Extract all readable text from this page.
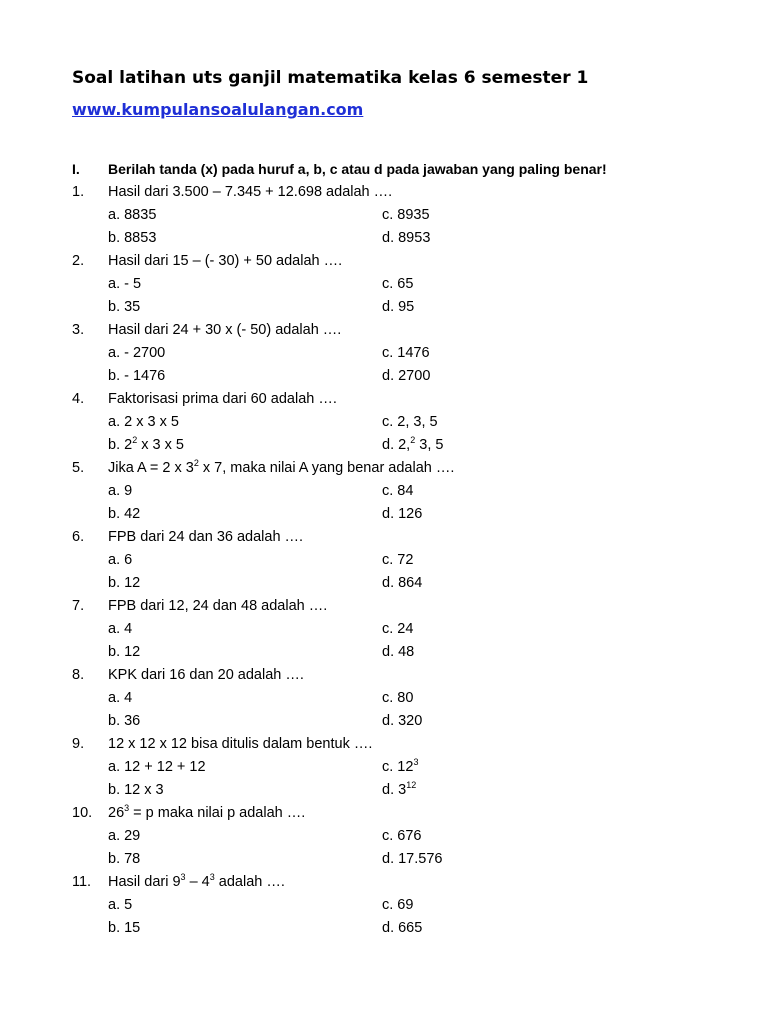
Soal latihan uts ganjil matematika kelas 6 semester 1
www.kumpulansoalulangan.com
I. Berilah tanda (x) pada huruf a, b, c atau d pada jawaban yang paling benar!
1. Hasil dari 3.500 – 7.345 + 12.698 adalah ….
a. 8835	c. 8935
b. 8853	d. 8953
2. Hasil dari 15 – (- 30) + 50 adalah ….
a. - 5	c. 65
b. 35	d. 95
3. Hasil dari 24 + 30 x (- 50) adalah ….
a. - 2700	c. 1476
b. - 1476	d. 2700
4. Faktorisasi prima dari 60 adalah ….
a. 2 x 3 x 5	c. 2, 3, 5
b. $2^2$ x 3 x 5	d. 2,$^2$ 3, 5
5. Jika A = 2 x $3^2$ x 7, maka nilai A yang benar adalah ….
a. 9	c. 84
b. 42	d. 126
6. FPB dari 24 dan 36 adalah ….
a. 6	c. 72
b. 12	d. 864
7. FPB dari 12, 24 dan 48 adalah ….
a. 4	c. 24
b. 12	d. 48
8. KPK dari 16 dan 20 adalah ….
a. 4	c. 80
b. 36	d. 320
9. 12 x 12 x 12 bisa ditulis dalam bentuk ….
a. 12 + 12 + 12	c. $12^3$
b. 12 x 3	d. $3^{12}$
10. $26^3 = p$ maka nilai p adalah ….
a. 29	c. 676
b. 78	d. 17.576
11. Hasil dari $9^3 - 4^3$ adalah ….
a. 5	c. 69
b. 15	d. 665
